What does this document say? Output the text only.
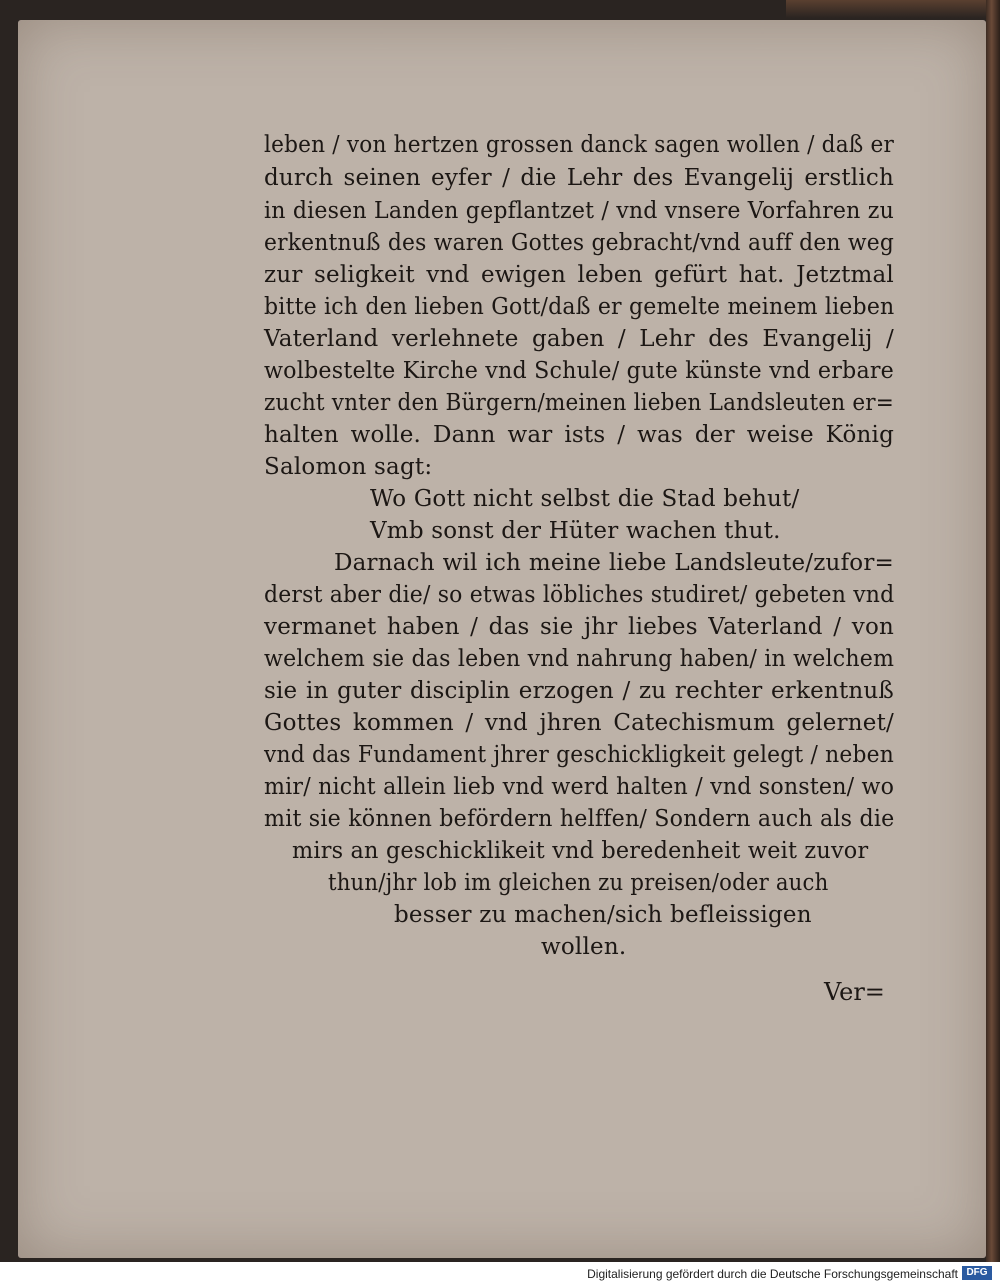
leben / von hertzen grossen danck sagen wollen / daß er
durch seinen eyfer / die Lehr des Evangelij erstlich
in diesen Landen gepflantzet / vnd vnsere Vorfahren zu
erkentnuß des waren Gottes gebracht/vnd auff den weg
zur seligkeit vnd ewigen leben gefürt hat. Jetztmal
bitte ich den lieben Gott/daß er gemelte meinem lieben
Vaterland verlehnete gaben / Lehr des Evangelij /
wolbestelte Kirche vnd Schule/ gute künste vnd erbare
zucht vnter den Bürgern/meinen lieben Landsleuten er=
halten wolle. Dann war ists / was der weise König
Salomon sagt:
Wo Gott nicht selbst die Stad behut/
Vmb sonst der Hüter wachen thut.
Darnach wil ich meine liebe Landsleute/zufor=
derst aber die/ so etwas löbliches studiret/ gebeten vnd
vermanet haben / das sie jhr liebes Vaterland / von
welchem sie das leben vnd nahrung haben/ in welchem
sie in guter disciplin erzogen / zu rechter erkentnuß
Gottes kommen / vnd jhren Catechismum gelernet/
vnd das Fundament jhrer geschickligkeit gelegt / neben
mir/ nicht allein lieb vnd werd halten / vnd sonsten/ wo
mit sie können befördern helffen/ Sondern auch als die
mirs an geschicklikeit vnd beredenheit weit zuvor
thun/jhr lob im gleichen zu preisen/oder auch
besser zu machen/sich befleissigen
wollen.
Ver=
Digitalisierung gefördert durch die Deutsche Forschungsgemeinschaft DFG
